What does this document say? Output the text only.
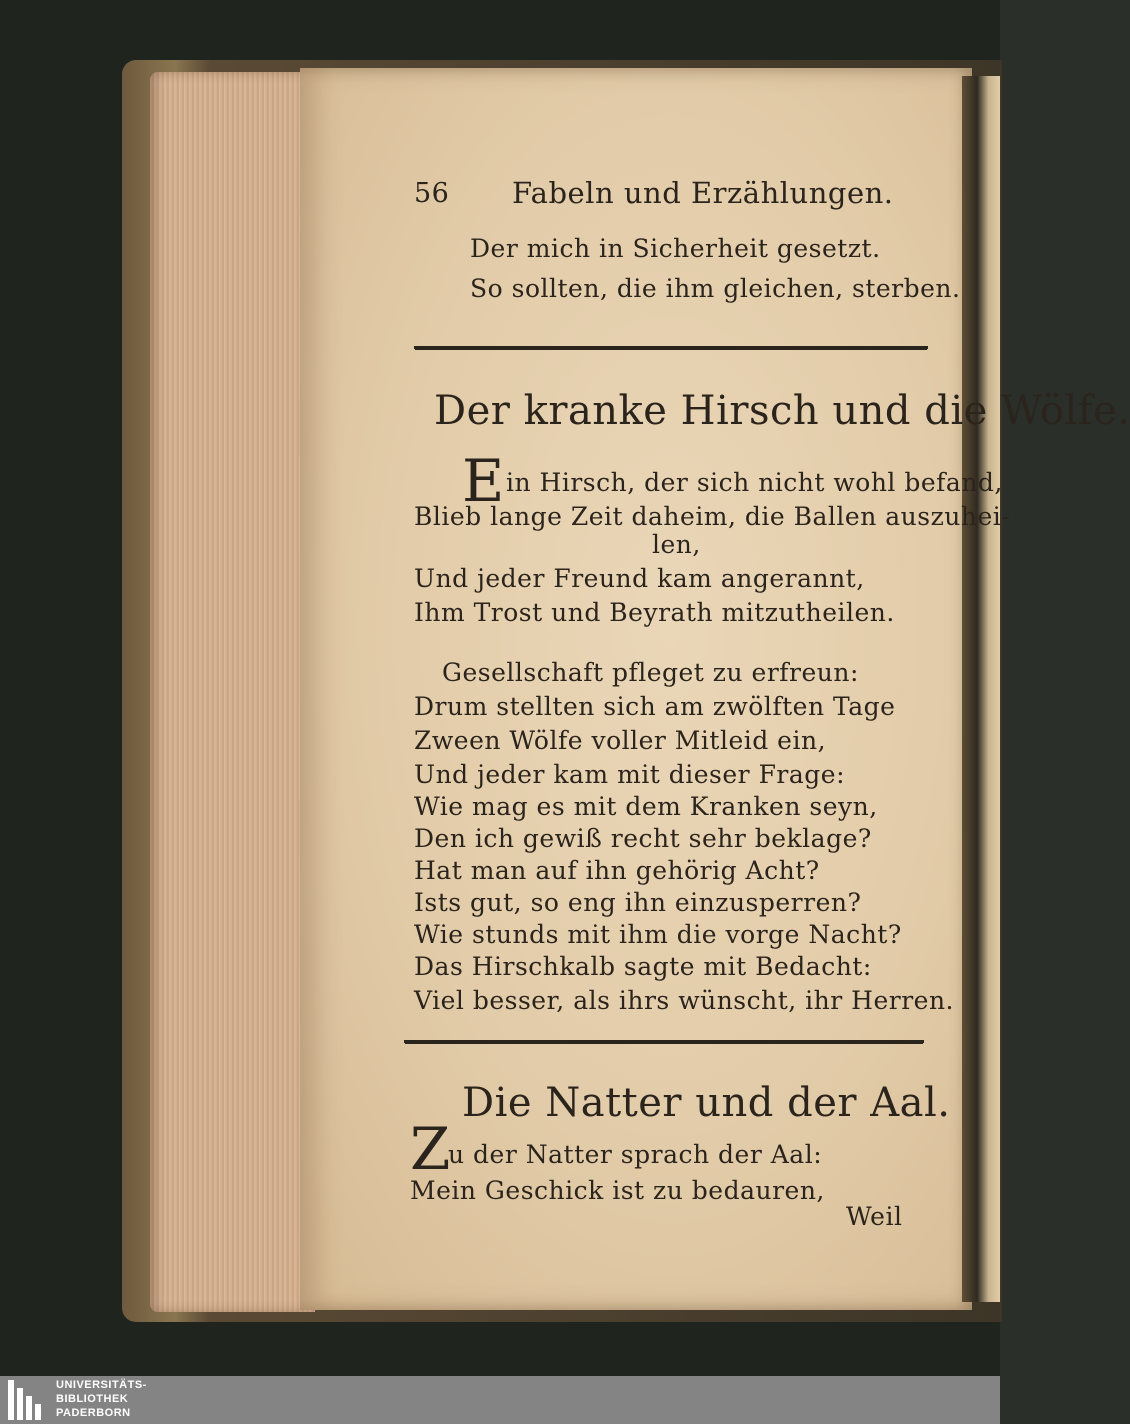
56 Fabeln und Erzählungen.
Der mich in Sicherheit gesetzt.
So sollten, die ihm gleichen, sterben.
Der kranke Hirsch und die Wölfe.
E in Hirsch, der sich nicht wohl befand,
Blieb lange Zeit daheim, die Ballen auszuhei-
len,
Und jeder Freund kam angerannt,
Ihm Trost und Beyrath mitzutheilen.
Gesellschaft pfleget zu erfreun:
Drum stellten sich am zwölften Tage
Zween Wölfe voller Mitleid ein,
Und jeder kam mit dieser Frage:
Wie mag es mit dem Kranken seyn,
Den ich gewiß recht sehr beklage?
Hat man auf ihn gehörig Acht?
Ists gut, so eng ihn einzusperren?
Wie stunds mit ihm die vorge Nacht?
Das Hirschkalb sagte mit Bedacht:
Viel besser, als ihrs wünscht, ihr Herren.
Die Natter und der Aal.
Z
u der Natter sprach der Aal:
Mein Geschick ist zu bedauren,
Weil
UNIVERSITÄTS-
BIBLIOTHEK
PADERBORN
